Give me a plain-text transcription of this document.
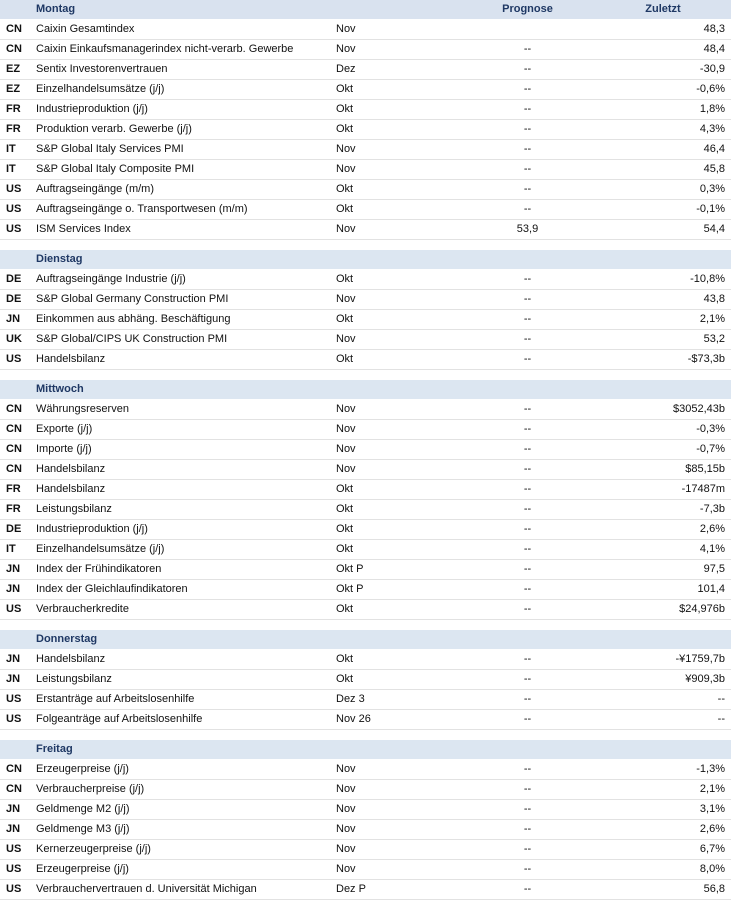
	Montag		Prognose	Zuletzt
CN	Caixin Gesamtindex	Nov		48,3
CN	Caixin Einkaufsmanagerindex nicht-verarb. Gewerbe	Nov	--	48,4
EZ	Sentix Investorenvertrauen	Dez	--	-30,9
EZ	Einzelhandelsumsätze (j/j)	Okt	--	-0,6%
FR	Industrieproduktion (j/j)	Okt	--	1,8%
FR	Produktion verarb. Gewerbe (j/j)	Okt	--	4,3%
IT	S&P Global Italy Services PMI	Nov	--	46,4
IT	S&P Global Italy Composite PMI	Nov	--	45,8
US	Auftragseingänge (m/m)	Okt	--	0,3%
US	Auftragseingänge o. Transportwesen (m/m)	Okt	--	-0,1%
US	ISM Services Index	Nov	53,9	54,4

	Dienstag			
DE	Auftragseingänge Industrie (j/j)	Okt	--	-10,8%
DE	S&P Global Germany Construction PMI	Nov	--	43,8
JN	Einkommen aus abhäng. Beschäftigung	Okt	--	2,1%
UK	S&P Global/CIPS UK Construction PMI	Nov	--	53,2
US	Handelsbilanz	Okt	--	-$73,3b

	Mittwoch			
CN	Währungsreserven	Nov	--	$3052,43b
CN	Exporte (j/j)	Nov	--	-0,3%
CN	Importe (j/j)	Nov	--	-0,7%
CN	Handelsbilanz	Nov	--	$85,15b
FR	Handelsbilanz	Okt	--	-17487m
FR	Leistungsbilanz	Okt	--	-7,3b
DE	Industrieproduktion (j/j)	Okt	--	2,6%
IT	Einzelhandelsumsätze (j/j)	Okt	--	4,1%
JN	Index der Frühindikatoren	Okt P	--	97,5
JN	Index der Gleichlaufindikatoren	Okt P	--	101,4
US	Verbraucherkredite	Okt	--	$24,976b

	Donnerstag			
JN	Handelsbilanz	Okt	--	-¥1759,7b
JN	Leistungsbilanz	Okt	--	¥909,3b
US	Erstanträge auf Arbeitslosenhilfe	Dez 3	--	--
US	Folgeanträge auf Arbeitslosenhilfe	Nov 26	--	--

	Freitag			
CN	Erzeugerpreise (j/j)	Nov	--	-1,3%
CN	Verbraucherpreise (j/j)	Nov	--	2,1%
JN	Geldmenge M2 (j/j)	Nov	--	3,1%
JN	Geldmenge M3 (j/j)	Nov	--	2,6%
US	Kernerzeugerpreise (j/j)	Nov	--	6,7%
US	Erzeugerpreise (j/j)	Nov	--	8,0%
US	Verbrauchervertrauen d. Universität Michigan	Dez P	--	56,8
